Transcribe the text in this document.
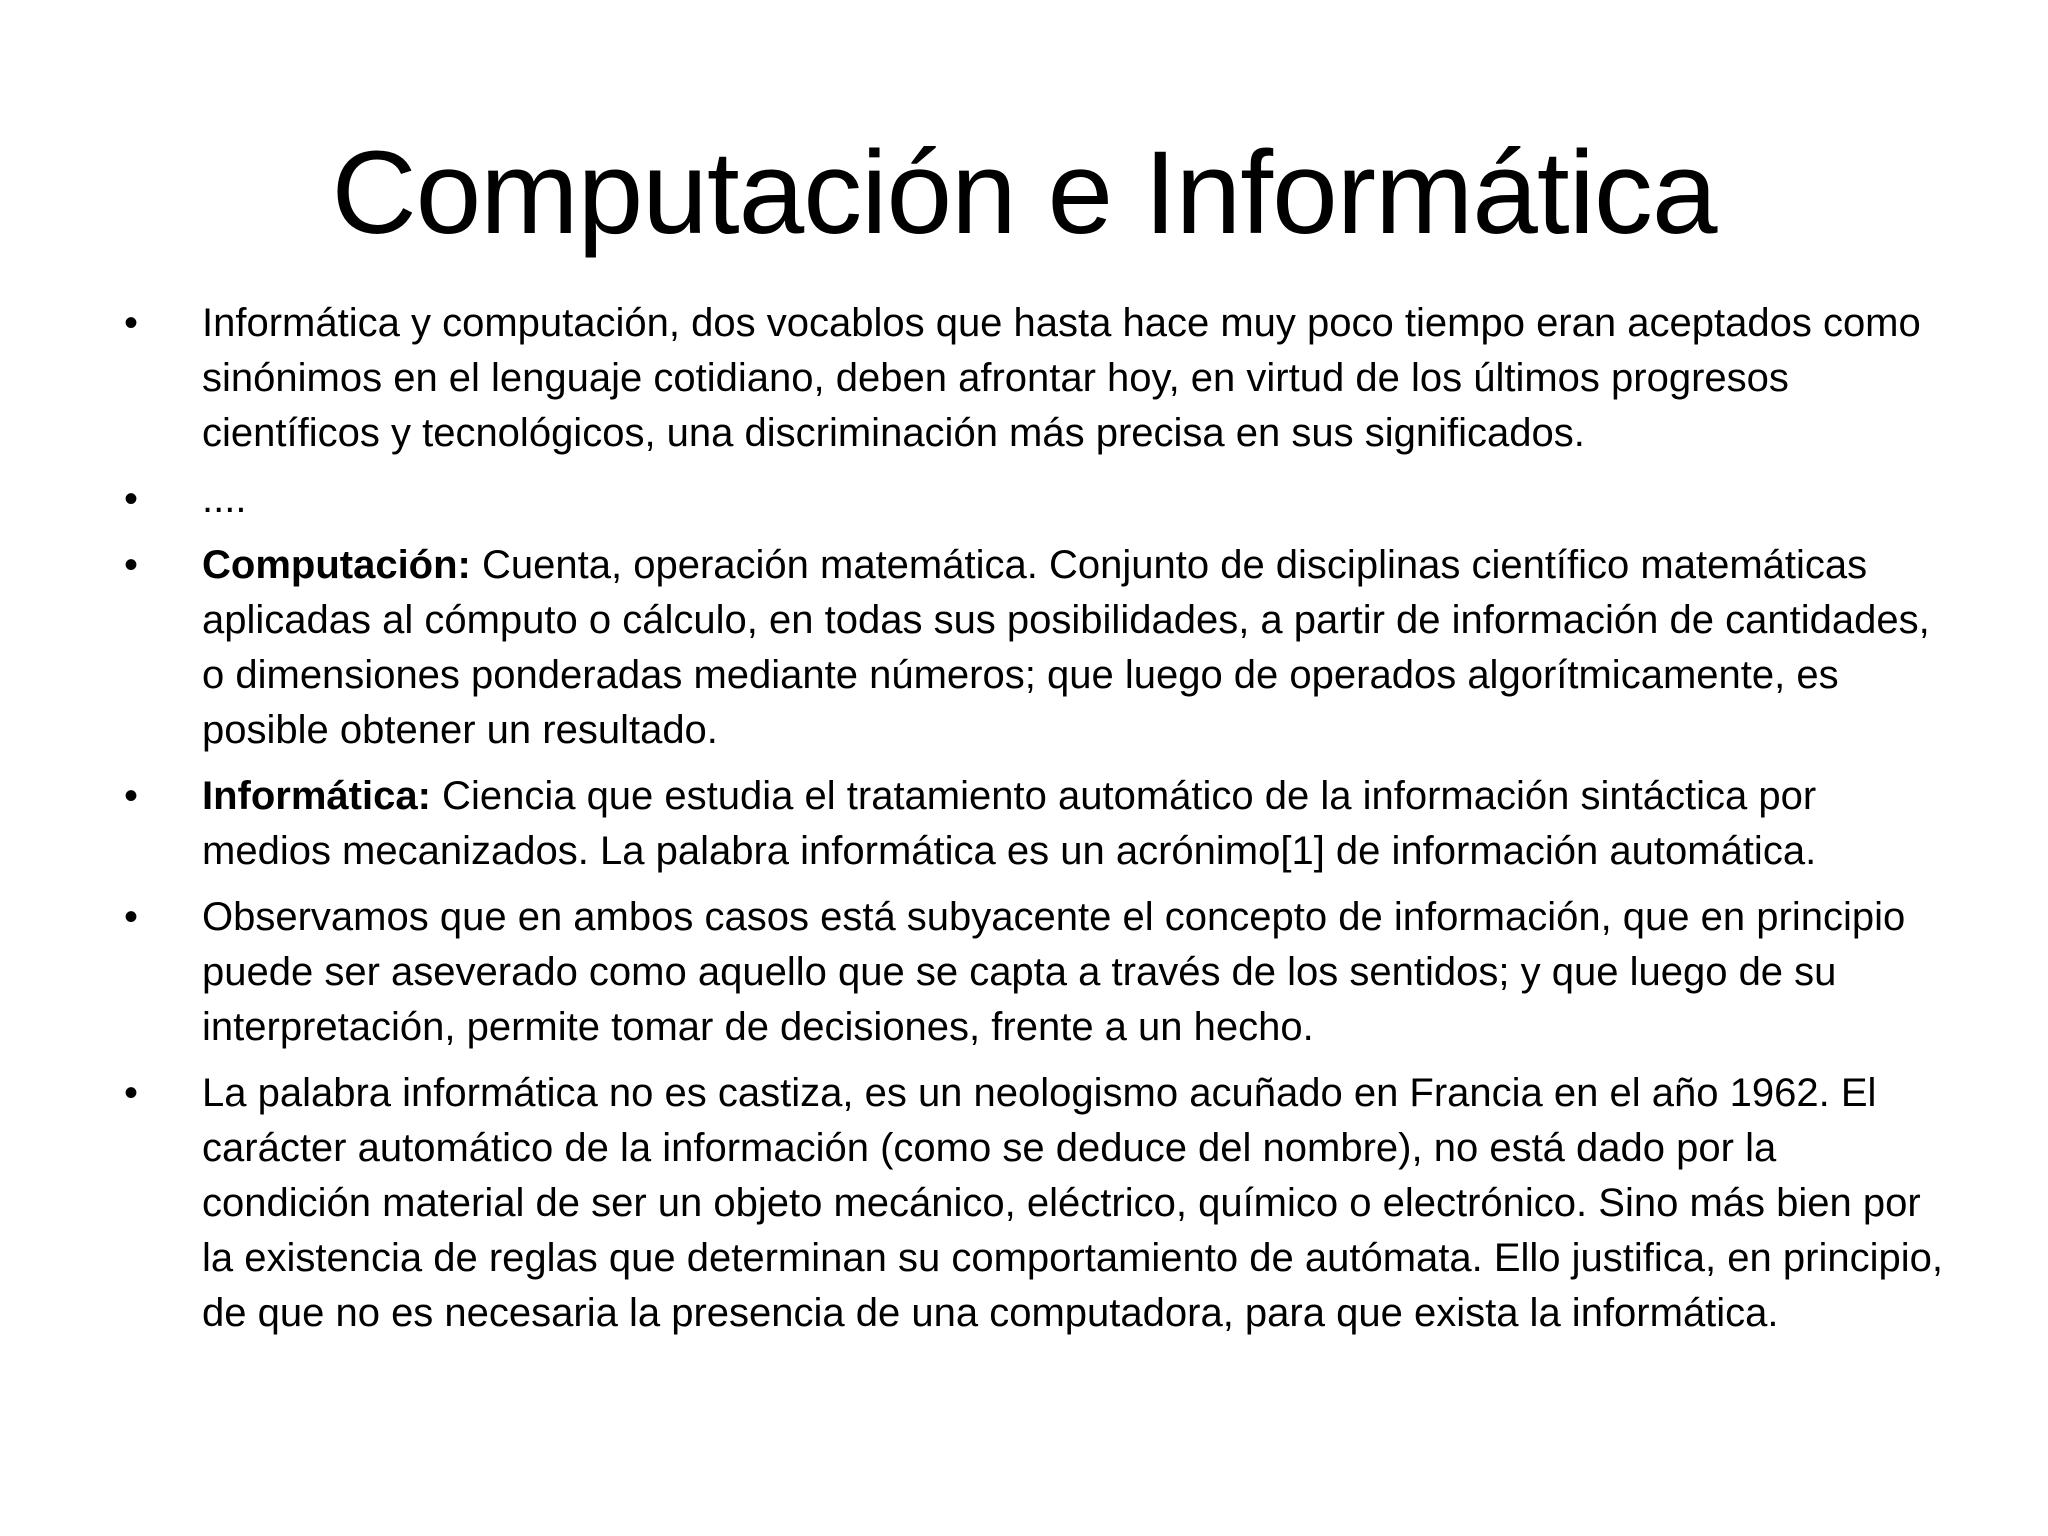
Computación e Informática
•	Informática y computación, dos vocablos que hasta hace muy poco tiempo eran aceptados como sinónimos en el lenguaje cotidiano, deben afrontar hoy, en virtud de los últimos progresos científicos y tecnológicos, una discriminación más precisa en sus significados.
•	....
•	Computación: Cuenta, operación matemática. Conjunto de disciplinas científico matemáticas aplicadas al cómputo o cálculo, en todas sus posibilidades, a partir de información de cantidades, o dimensiones ponderadas mediante números; que luego de operados algorítmicamente, es posible obtener un resultado.
•	Informática: Ciencia que estudia el tratamiento automático de la información sintáctica por medios mecanizados. La palabra informática es un acrónimo[1] de información automática.
•	Observamos que en ambos casos está subyacente el concepto de información, que en principio puede ser aseverado como aquello que se capta a través de los sentidos; y que luego de su interpretación, permite tomar de decisiones, frente a un hecho.
•	La palabra informática no es castiza, es un neologismo acuñado en Francia en el año 1962. El carácter automático de la información (como se deduce del nombre), no está dado por la condición material de ser un objeto mecánico, eléctrico, químico o electrónico. Sino más bien por la existencia de reglas que determinan su comportamiento de autómata. Ello justifica, en principio, de que no es necesaria la presencia de una computadora, para que exista la informática.
